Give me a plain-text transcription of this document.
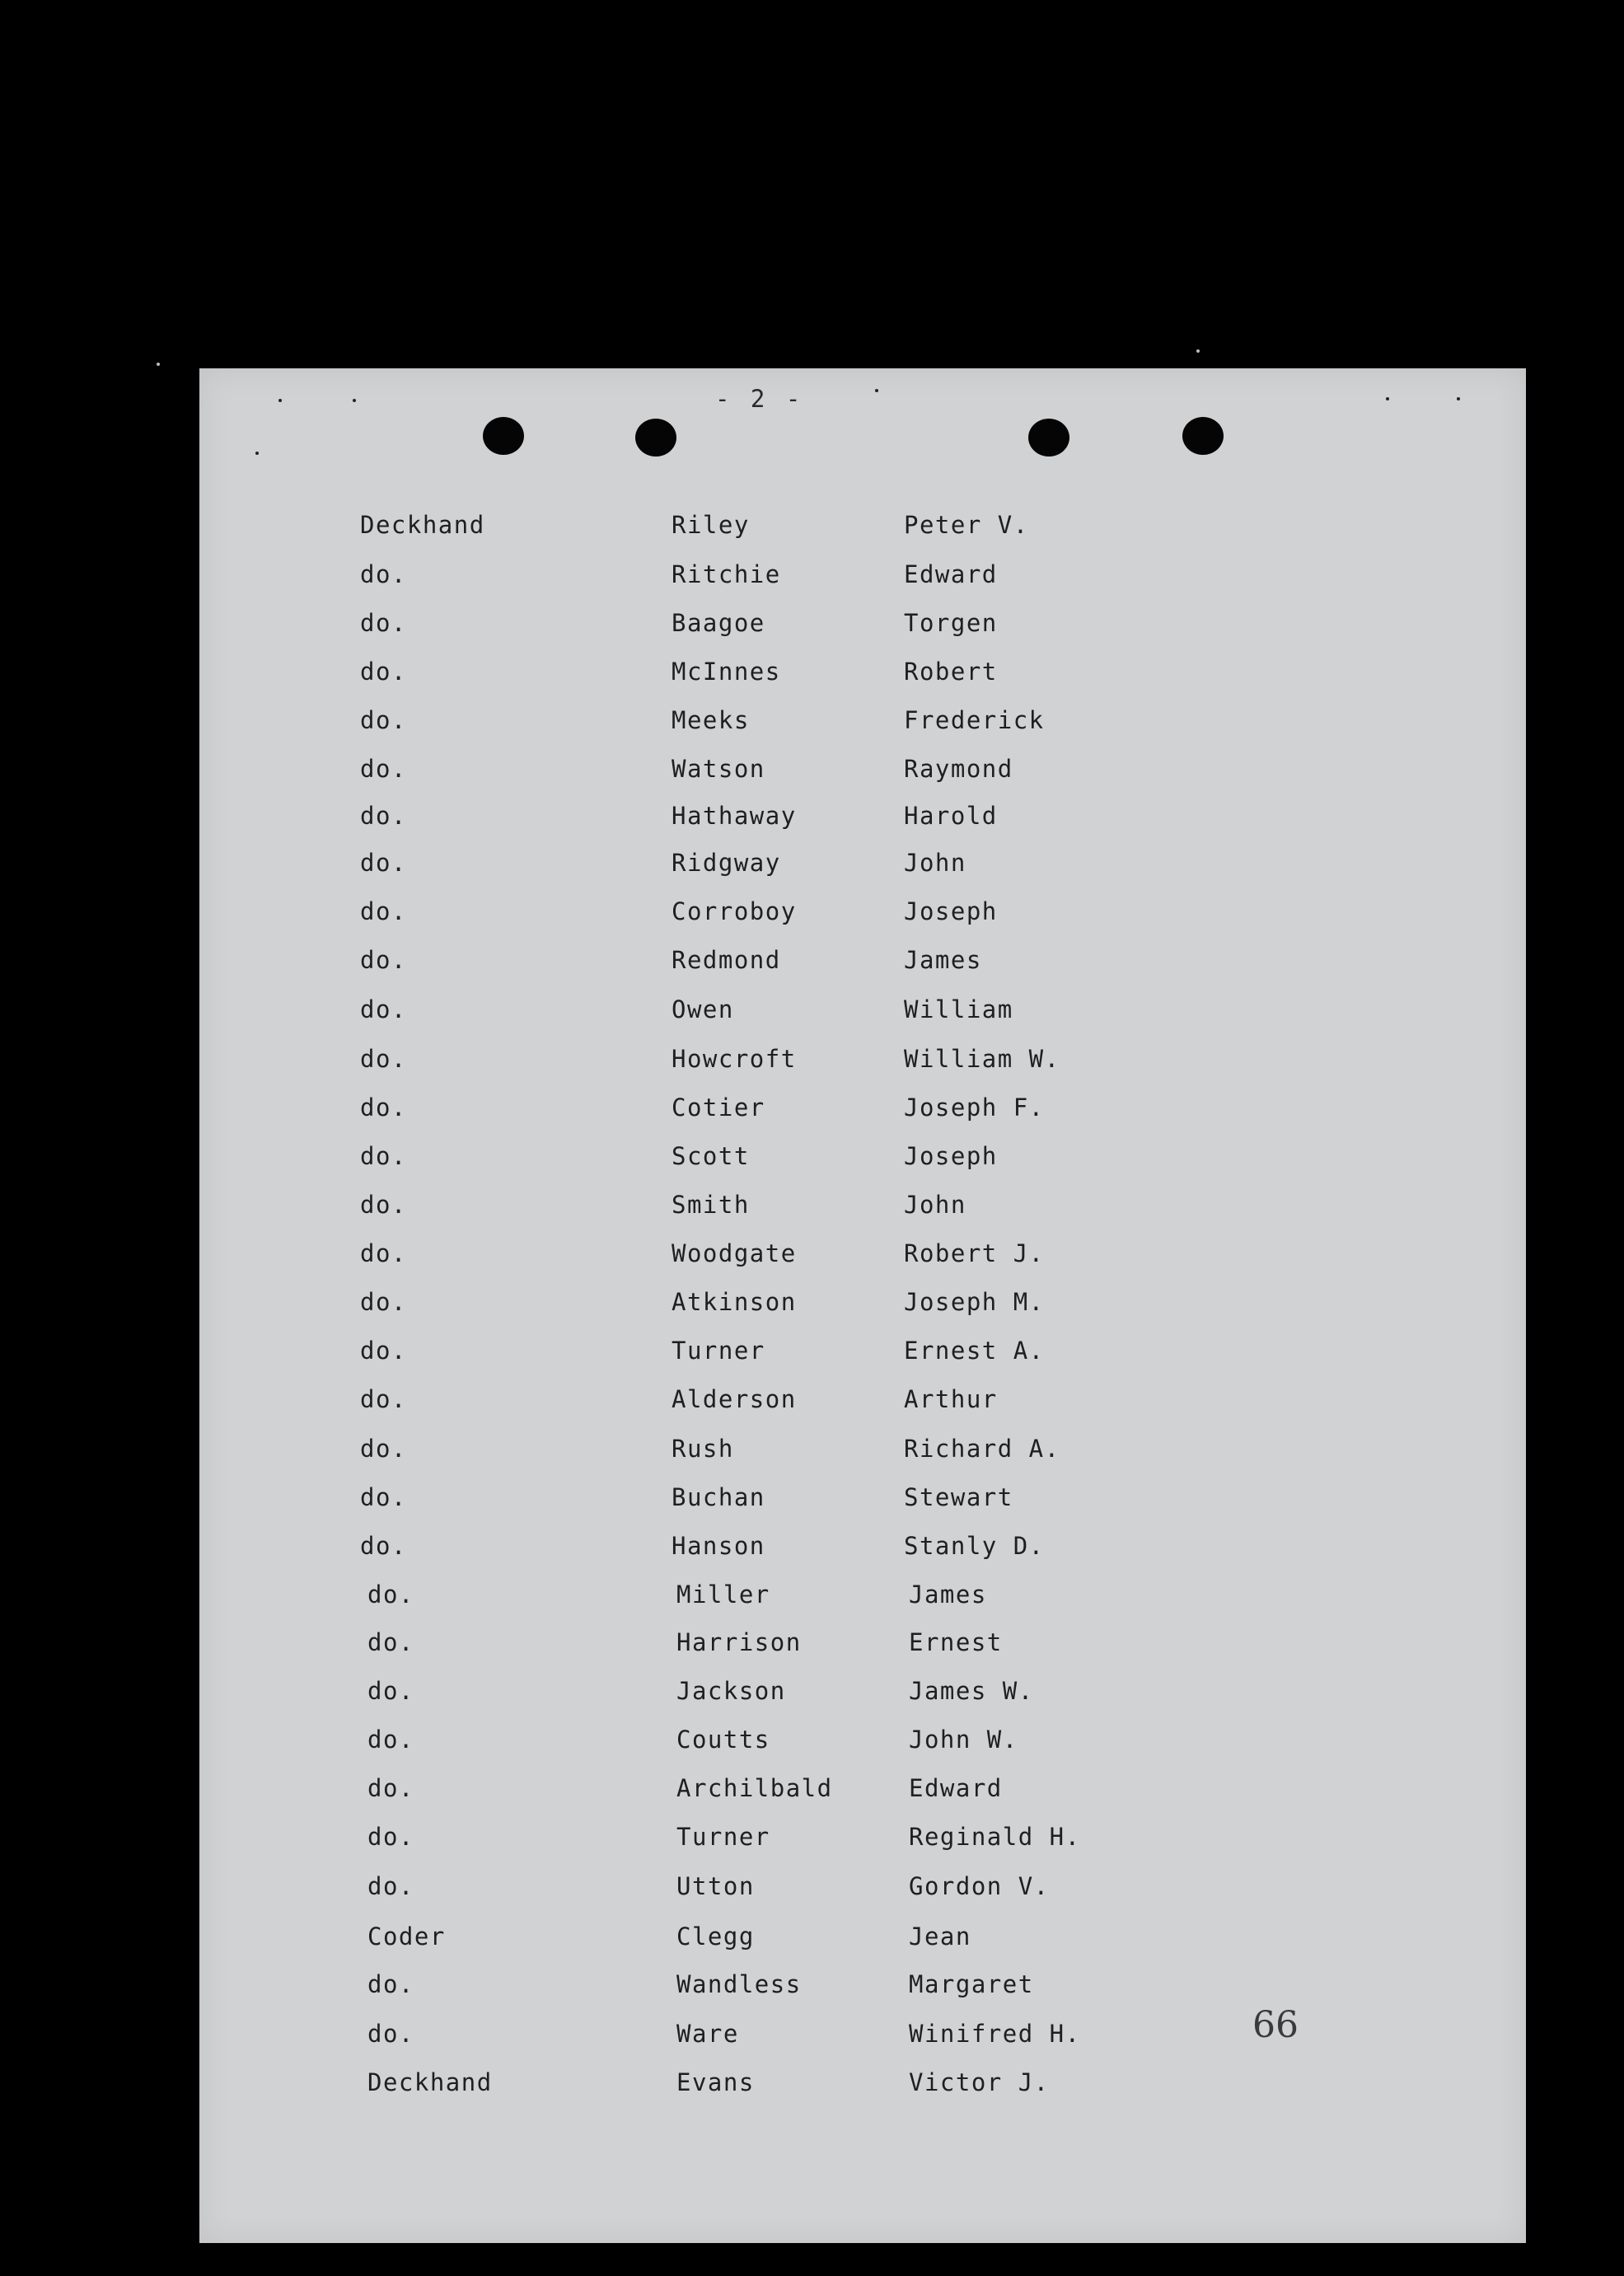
- 2 -
Deckhand	Riley	Peter V.
do.	Ritchie	Edward
do.	Baagoe	Torgen
do.	McInnes	Robert
do.	Meeks	Frederick
do.	Watson	Raymond
do.	Hathaway	Harold
do.	Ridgway	John
do.	Corroboy	Joseph
do.	Redmond	James
do.	Owen	William
do.	Howcroft	William W.
do.	Cotier	Joseph F.
do.	Scott	Joseph
do.	Smith	John
do.	Woodgate	Robert J.
do.	Atkinson	Joseph M.
do.	Turner	Ernest A.
do.	Alderson	Arthur
do.	Rush	Richard A.
do.	Buchan	Stewart
do.	Hanson	Stanly D.
do.	Miller	James
do.	Harrison	Ernest
do.	Jackson	James W.
do.	Coutts	John W.
do.	Archilbald	Edward
do.	Turner	Reginald H.
do.	Utton	Gordon V.
Coder	Clegg	Jean
do.	Wandless	Margaret
do.	Ware	Winifred H.
Deckhand	Evans	Victor J.
66
